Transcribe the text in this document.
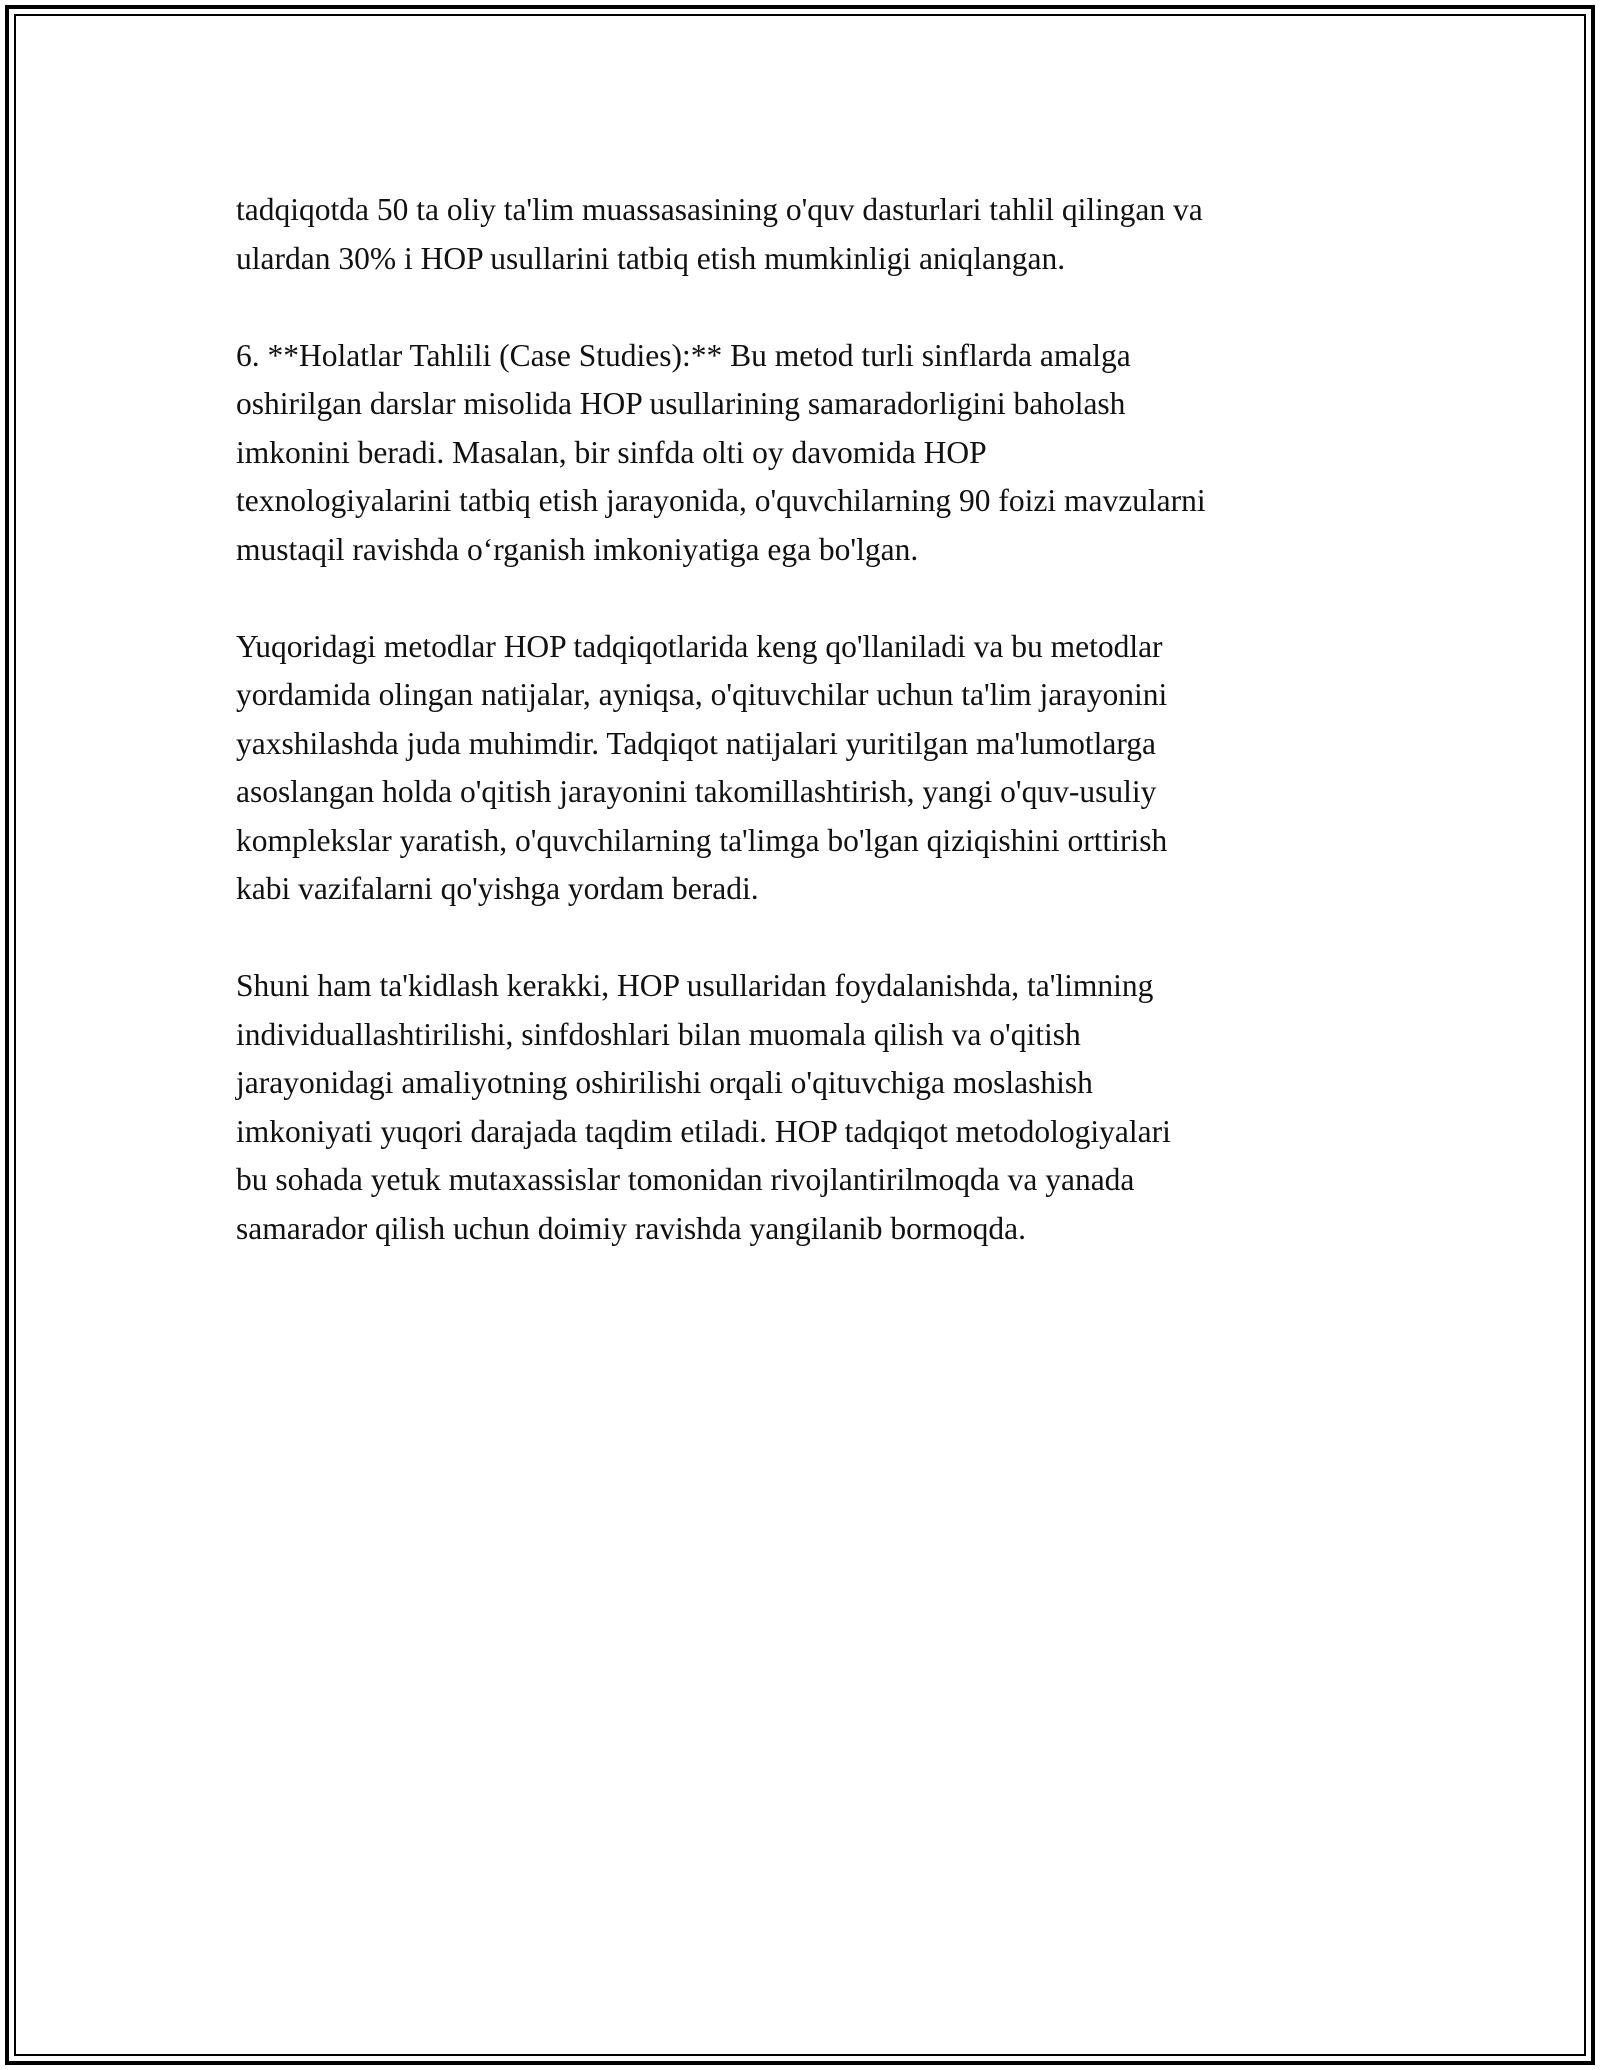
tadqiqotda 50 ta oliy ta'lim muassasasining o'quv dasturlari tahlil qilingan va
ulardan 30% i HOP usullarini tatbiq etish mumkinligi aniqlangan.

6. **Holatlar Tahlili (Case Studies):** Bu metod turli sinflarda amalga
oshirilgan darslar misolida HOP usullarining samaradorligini baholash
imkonini beradi. Masalan, bir sinfda olti oy davomida HOP
texnologiyalarini tatbiq etish jarayonida, o'quvchilarning 90 foizi mavzularni
mustaqil ravishda o‘rganish imkoniyatiga ega bo'lgan.

Yuqoridagi metodlar HOP tadqiqotlarida keng qo'llaniladi va bu metodlar
yordamida olingan natijalar, ayniqsa, o'qituvchilar uchun ta'lim jarayonini
yaxshilashda juda muhimdir. Tadqiqot natijalari yuritilgan ma'lumotlarga
asoslangan holda o'qitish jarayonini takomillashtirish, yangi o'quv-usuliy
komplekslar yaratish, o'quvchilarning ta'limga bo'lgan qiziqishini orttirish
kabi vazifalarni qo'yishga yordam beradi.

Shuni ham ta'kidlash kerakki, HOP usullaridan foydalanishda, ta'limning
individuallashtirilishi, sinfdoshlari bilan muomala qilish va o'qitish
jarayonidagi amaliyotning oshirilishi orqali o'qituvchiga moslashish
imkoniyati yuqori darajada taqdim etiladi. HOP tadqiqot metodologiyalari
bu sohada yetuk mutaxassislar tomonidan rivojlantirilmoqda va yanada
samarador qilish uchun doimiy ravishda yangilanib bormoqda.
